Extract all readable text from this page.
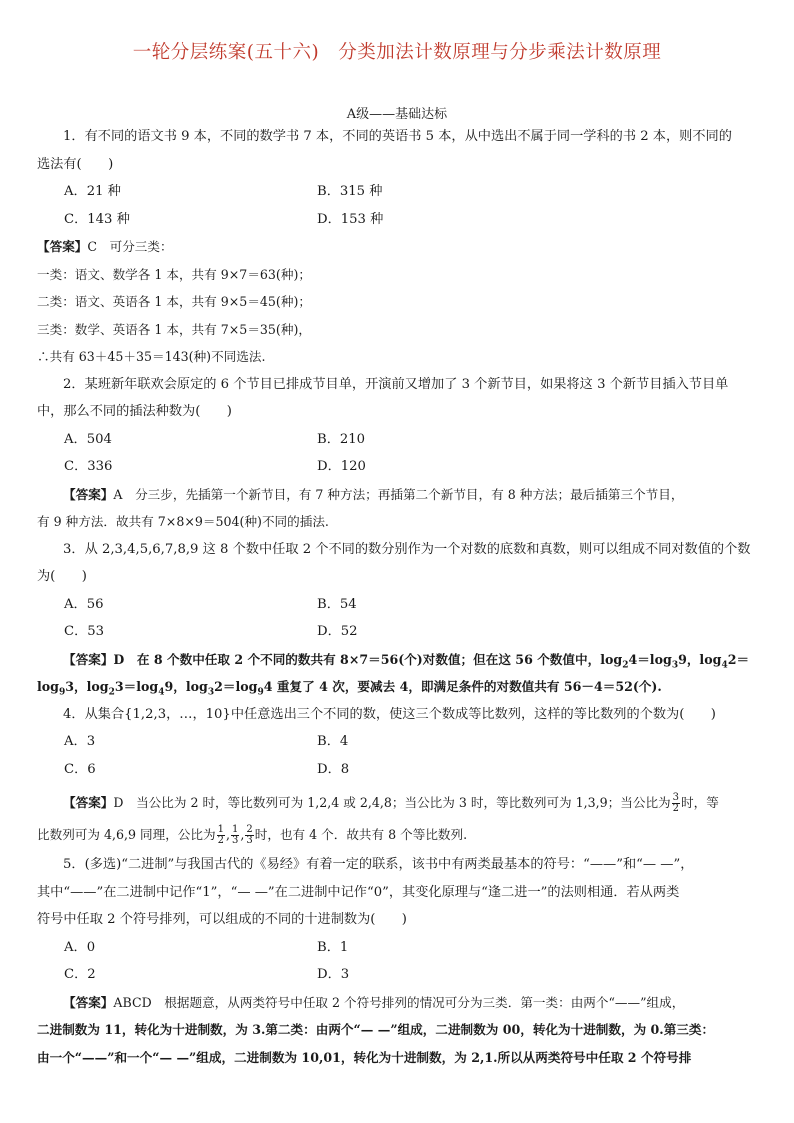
一轮分层练案(五十六)　分类加法计数原理与分步乘法计数原理
A级——基础达标
1．有不同的语文书 9 本，不同的数学书 7 本，不同的英语书 5 本，从中选出不属于同一学科的书 2 本，则不同的
选法有(　　)
A．21 种	B．315 种
C．143 种	D．153 种
【答案】C　可分三类：
一类：语文、数学各 1 本，共有 9×7＝63(种)；
二类：语文、英语各 1 本，共有 9×5＝45(种)；
三类：数学、英语各 1 本，共有 7×5＝35(种)，
∴共有 63＋45＋35＝143(种)不同选法.
2．某班新年联欢会原定的 6 个节目已排成节目单，开演前又增加了 3 个新节目，如果将这 3 个新节目插入节目单
中，那么不同的插法种数为(　　)
A．504	B．210
C．336	D．120
【答案】A　分三步，先插第一个新节目，有 7 种方法；再插第二个新节目，有 8 种方法；最后插第三个节目，
有 9 种方法．故共有 7×8×9＝504(种)不同的插法.
3．从 2,3,4,5,6,7,8,9 这 8 个数中任取 2 个不同的数分别作为一个对数的底数和真数，则可以组成不同对数值的个数
为(　　)
A．56	B．54
C．53	D．52
【答案】D　在 8 个数中任取 2 个不同的数共有 8×7＝56(个)对数值；但在这 56 个数值中，$\log_24=\log_39$，$\log_42=$
$\log_93$，$\log_23=\log_49$，$\log_32=\log_94$ 重复了 4 次，要减去 4，即满足条件的对数值共有 56－4＝52(个).
4．从集合{1,2,3，…，10}中任意选出三个不同的数，使这三个数成等比数列，这样的等比数列的个数为(　　)
A．3	B．4
C．6	D．8
【答案】D　当公比为 2 时，等比数列可为 1,2,4 或 2,4,8；当公比为 3 时，等比数列可为 1,3,9；当公比为 $\frac{3}{2}$ 时，等
比数列可为 4,6,9 同理，公比为 $\frac{1}{2}$ , $\frac{1}{3}$ , $\frac{2}{3}$ 时，也有 4 个．故共有 8 个等比数列.
5．(多选)“二进制”与我国古代的《易经》有着一定的联系，该书中有两类最基本的符号：“——”和“— —”，
其中“——”在二进制中记作“1”，“— —”在二进制中记作“0”，其变化原理与“逢二进一”的法则相通．若从两类
符号中任取 2 个符号排列，可以组成的不同的十进制数为(　　)
A．0	B．1
C．2	D．3
【答案】ABCD　根据题意，从两类符号中任取 2 个符号排列的情况可分为三类．第一类：由两个“——”组成，
二进制数为 11，转化为十进制数，为 3.第二类：由两个“— —”组成，二进制数为 00，转化为十进制数，为 0.第三类：
由一个“——”和一个“— —”组成，二进制数为 10,01，转化为十进制数，为 2,1.所以从两类符号中任取 2 个符号排
